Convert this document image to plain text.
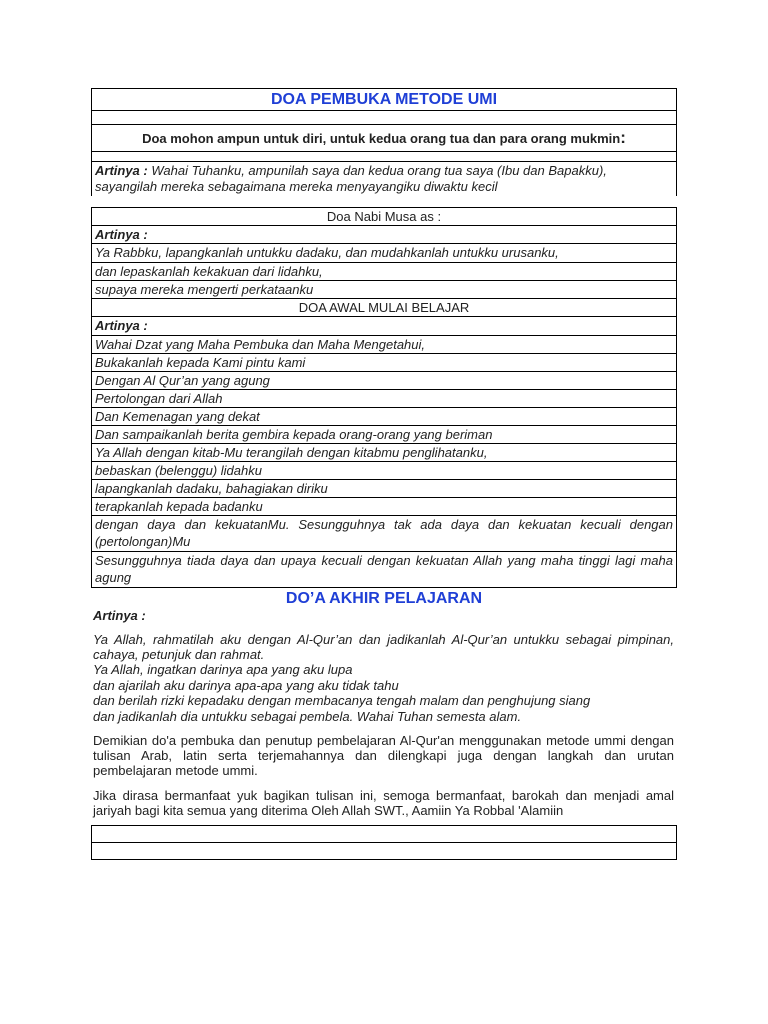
DOA PEMBUKA METODE UMI
Doa mohon ampun untuk diri, untuk kedua orang tua dan para orang mukmin:
Artinya : Wahai Tuhanku, ampunilah saya dan kedua orang tua saya (Ibu dan Bapakku),
sayangilah mereka sebagaimana mereka menyayangiku diwaktu kecil
Doa Nabi Musa as :
Artinya :
Ya Rabbku, lapangkanlah untukku dadaku, dan mudahkanlah untukku urusanku,
dan lepaskanlah kekakuan dari lidahku,
supaya mereka mengerti perkataanku
DOA AWAL MULAI BELAJAR
Artinya :
Wahai Dzat yang Maha Pembuka dan Maha Mengetahui,
Bukakanlah kepada Kami pintu kami
Dengan Al Qur’an yang agung
Pertolongan dari Allah
Dan Kemenagan yang dekat
Dan sampaikanlah berita gembira kepada orang-orang yang beriman
Ya Allah dengan kitab-Mu terangilah dengan kitabmu penglihatanku,
bebaskan (belenggu) lidahku
lapangkanlah dadaku, bahagiakan diriku
terapkanlah kepada badanku
dengan daya dan kekuatanMu. Sesungguhnya tak ada daya dan kekuatan kecuali dengan (pertolongan)Mu
Sesungguhnya tiada daya dan upaya kecuali dengan kekuatan Allah yang maha tinggi lagi maha agung
DO’A AKHIR PELAJARAN
Artinya :
Ya Allah, rahmatilah aku dengan Al-Qur’an dan jadikanlah Al-Qur’an untukku sebagai pimpinan, cahaya, petunjuk dan rahmat.
Ya Allah, ingatkan darinya apa yang aku lupa
dan ajarilah aku darinya apa-apa yang aku tidak tahu
dan berilah rizki kepadaku dengan membacanya tengah malam dan penghujung siang
dan jadikanlah dia untukku sebagai pembela. Wahai Tuhan semesta alam.
Demikian do'a pembuka dan penutup pembelajaran Al-Qur'an menggunakan metode ummi dengan tulisan Arab, latin serta terjemahannya dan dilengkapi juga dengan langkah dan urutan pembelajaran metode ummi.
Jika dirasa bermanfaat yuk bagikan tulisan ini, semoga bermanfaat, barokah dan menjadi amal jariyah bagi kita semua yang diterima Oleh Allah SWT., Aamiin Ya Robbal 'Alamiin
